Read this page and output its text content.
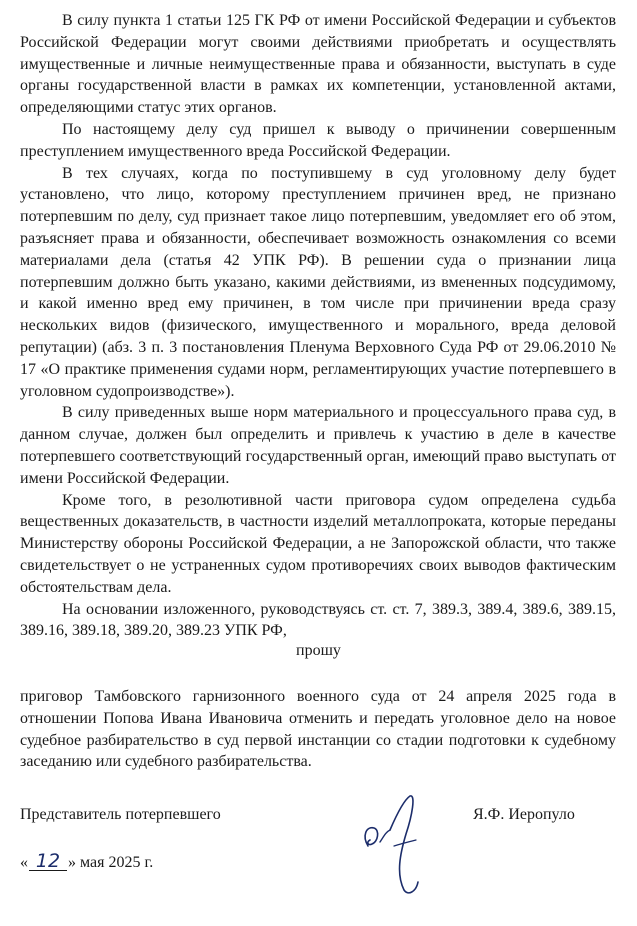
В силу пункта 1 статьи 125 ГК РФ от имени Российской Федерации и субъектов Российской Федерации могут своими действиями приобретать и осуществлять имущественные и личные неимущественные права и обязанности, выступать в суде органы государственной власти в рамках их компетенции, установленной актами, определяющими статус этих органов.

По настоящему делу суд пришел к выводу о причинении совершенным преступлением имущественного вреда Российской Федерации.

В тех случаях, когда по поступившему в суд уголовному делу будет установлено, что лицо, которому преступлением причинен вред, не признано потерпевшим по делу, суд признает такое лицо потерпевшим, уведомляет его об этом, разъясняет права и обязанности, обеспечивает возможность ознакомления со всеми материалами дела (статья 42 УПК РФ). В решении суда о признании лица потерпевшим должно быть указано, какими действиями, из вмененных подсудимому, и какой именно вред ему причинен, в том числе при причинении вреда сразу нескольких видов (физического, имущественного и морального, вреда деловой репутации) (абз. 3 п. 3 постановления Пленума Верховного Суда РФ от 29.06.2010 № 17 «О практике применения судами норм, регламентирующих участие потерпевшего в уголовном судопроизводстве»).

В силу приведенных выше норм материального и процессуального права суд, в данном случае, должен был определить и привлечь к участию в деле в качестве потерпевшего соответствующий государственный орган, имеющий право выступать от имени Российской Федерации.

Кроме того, в резолютивной части приговора судом определена судьба вещественных доказательств, в частности изделий металлопроката, которые переданы Министерству обороны Российской Федерации, а не Запорожской области, что также свидетельствует о не устраненных судом противоречиях своих выводов фактическим обстоятельствам дела.

На основании изложенного, руководствуясь ст. ст. 7, 389.3, 389.4, 389.6, 389.15, 389.16, 389.18, 389.20, 389.23 УПК РФ,

прошу

приговор Тамбовского гарнизонного военного суда от 24 апреля 2025 года в отношении Попова Ивана Ивановича отменить и передать уголовное дело на новое судебное разбирательство в суд первой инстанции со стадии подготовки к судебному заседанию или судебного разбирательства.

Представитель потерпевшего	Я.Ф. Иеропуло
« 12 » мая 2025 г.
